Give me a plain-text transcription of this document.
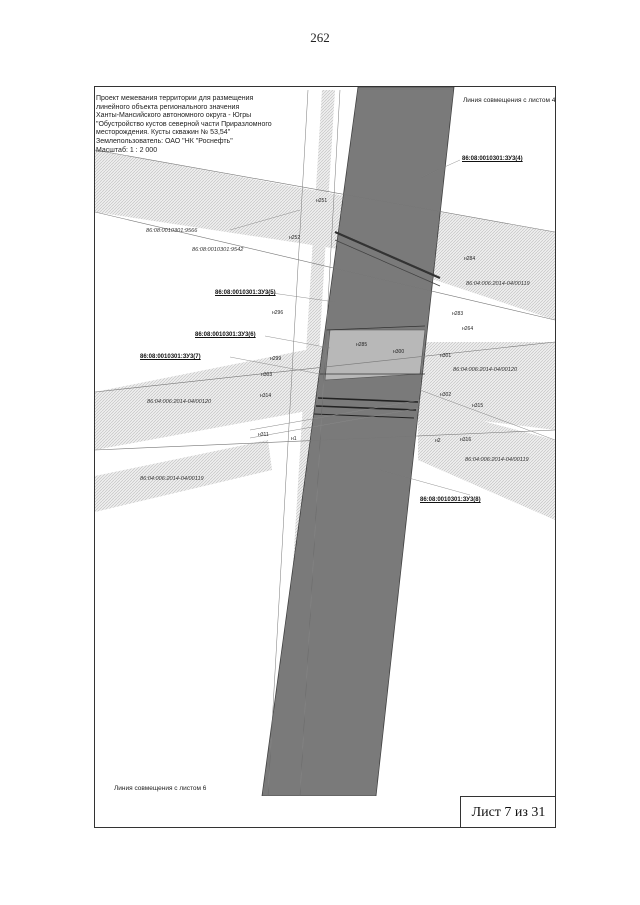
262
Проект межевания территории для размещения
линейного объекта регионального значения
Ханты-Мансийского автономного округа - Югры
"Обустройство кустов северной части Приразломного
месторождения. Кусты скважин № 53,54"
Землепользователь: ОАО "НК "Роснефть"
Масштаб: 1 : 2 000
Линия совмещения с листом 4
86:08:0010301:ЗУ3(4)
86:08:0010301:ЗУ3(5)
86:08:0010301:ЗУ3(6)
86:08:0010301:ЗУ3(7)
86:08:0010301:ЗУ3(8)
86:08:0010301:9566
86:08:0010301:9542
86:04:006:2014-04/00119
86:04:006:2014-04/00120
86:04:006:2014-04/00120
86:04:006:2014-04/00119
86:04:006:2014-04/00119
н251
н252
н284
н283
н264
н296
н285
н300
н301
н299
н302
н303
н314
н315
н311
н1	н2	н316
Линия совмещения с листом 6
Лист 7 из 31
